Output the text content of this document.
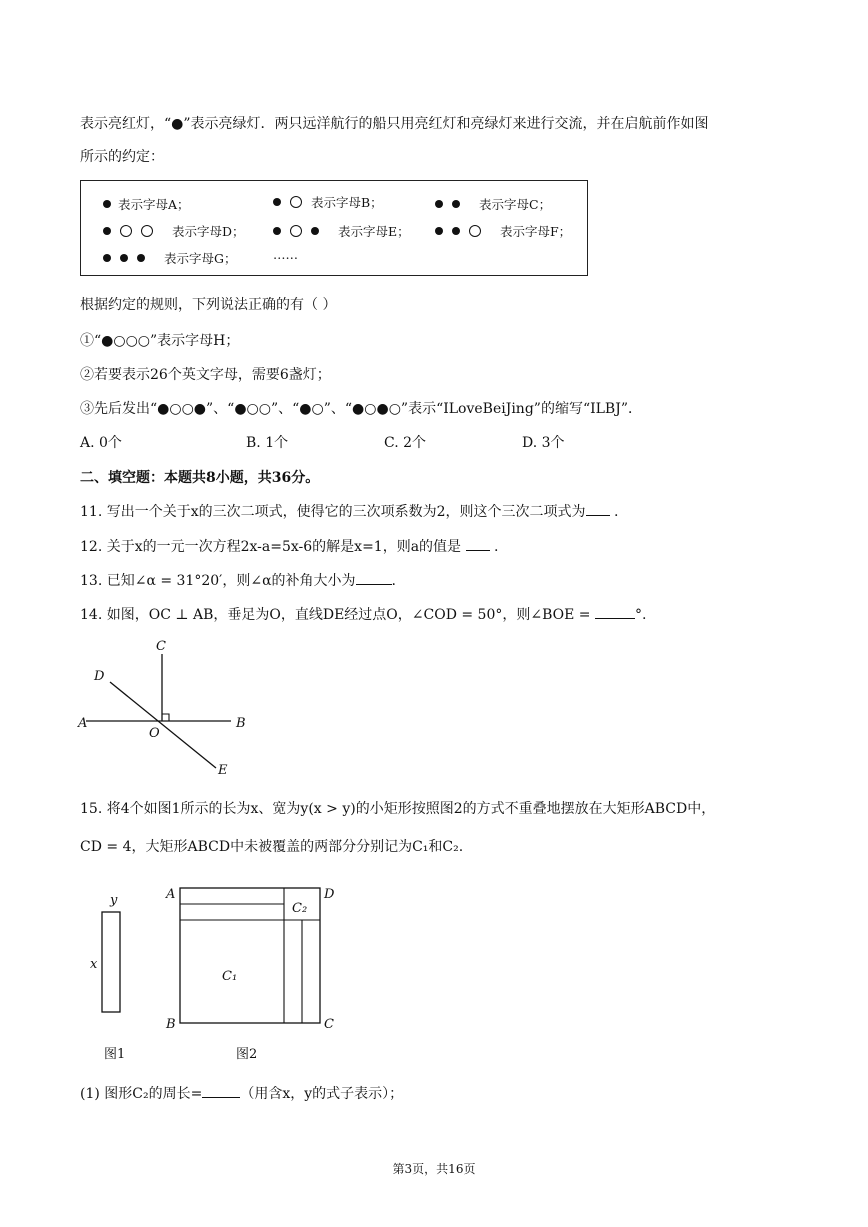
表示亮红灯，“●”表示亮绿灯．两只远洋航行的船只用亮红灯和亮绿灯来进行交流，并在启航前作如图
所示的约定：
表示字母A；	表示字母B；	表示字母C；
表示字母D；	表示字母E；	表示字母F；
表示字母G；	……
根据约定的规则，下列说法正确的有（ ）
①“●○○○”表示字母H；
②若要表示26个英文字母，需要6盏灯；
③先后发出“●○○●”、“●○○”、“●○”、“●○●○”表示“ILoveBeiJing”的缩写“ILBJ”．
A. 0个	B. 1个	C. 2个	D. 3个
二、填空题：本题共8小题，共36分。
11. 写出一个关于x的三次二项式，使得它的三次项系数为2，则这个三次二项式为 .
12. 关于x的一元一次方程2x-a=5x-6的解是x=1，则a的值是  .
13. 已知∠α = 31°20′，则∠α的补角大小为	.
14. 如图，OC ⊥ AB，垂足为O，直线DE经过点O，∠COD = 50°，则∠BOE =	°.
C
D
A	B
O
E
15. 将4个如图1所示的长为x、宽为y(x > y)的小矩形按照图2的方式不重叠地摆放在大矩形ABCD中，
CD = 4，大矩形ABCD中未被覆盖的两部分分别记为C₁和C₂.
y
x
图1
A	D
B	C
C₁
C₂
图2
(1) 图形C₂的周长=	（用含x，y的式子表示）；
第3页，共16页
